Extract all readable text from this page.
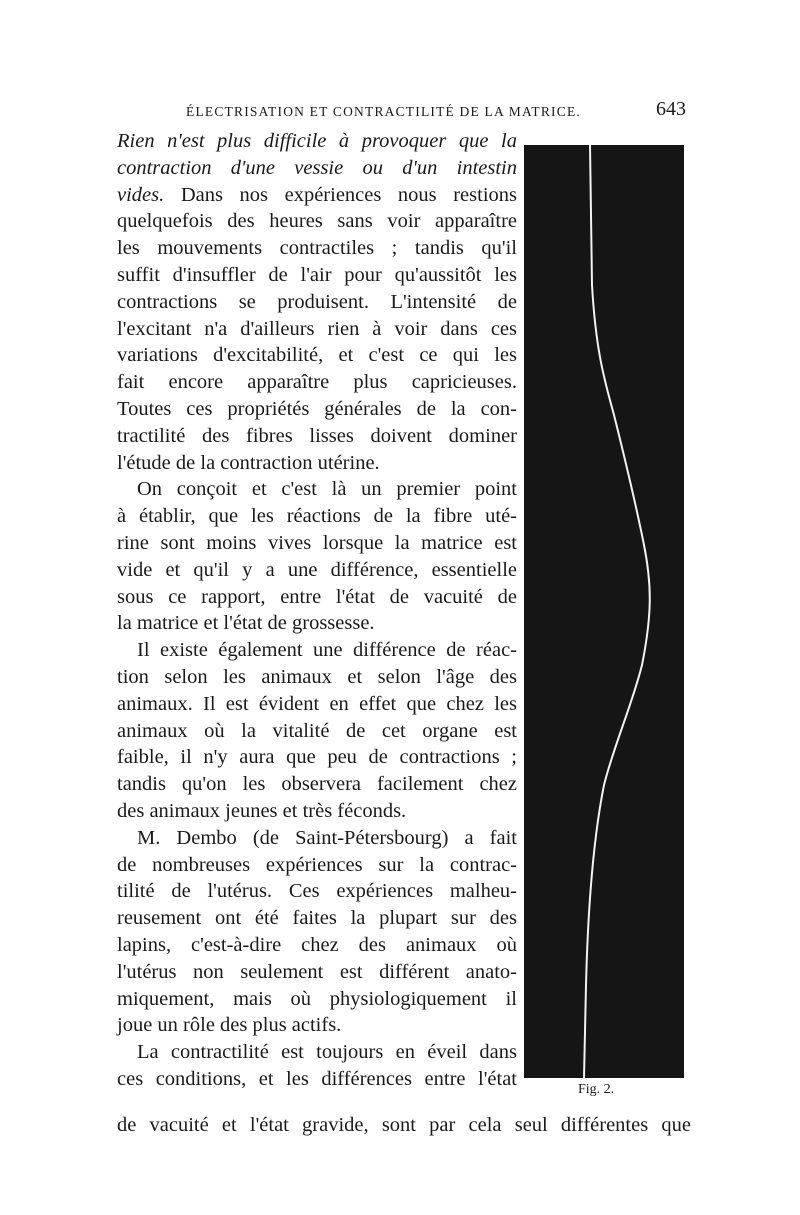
ÉLECTRISATION ET CONTRACTILITÉ DE LA MATRICE.	643
Rien n'est plus difficile à provoquer que la
contraction d'une vessie ou d'un intestin
vides. Dans nos expériences nous restions
quelquefois des heures sans voir apparaître
les mouvements contractiles ; tandis qu'il
suffit d'insuffler de l'air pour qu'aussitôt les
contractions se produisent. L'intensité de
l'excitant n'a d'ailleurs rien à voir dans ces
variations d'excitabilité, et c'est ce qui les
fait encore apparaître plus capricieuses.
Toutes ces propriétés générales de la con-
tractilité des fibres lisses doivent dominer
l'étude de la contraction utérine.
On conçoit et c'est là un premier point
à établir, que les réactions de la fibre uté-
rine sont moins vives lorsque la matrice est
vide et qu'il y a une différence, essentielle
sous ce rapport, entre l'état de vacuité de
la matrice et l'état de grossesse.
Il existe également une différence de réac-
tion selon les animaux et selon l'âge des
animaux. Il est évident en effet que chez les
animaux où la vitalité de cet organe est
faible, il n'y aura que peu de contractions ;
tandis qu'on les observera facilement chez
des animaux jeunes et très féconds.
M. Dembo (de Saint-Pétersbourg) a fait
de nombreuses expériences sur la contrac-
tilité de l'utérus. Ces expériences malheu-
reusement ont été faites la plupart sur des
lapins, c'est-à-dire chez des animaux où
l'utérus non seulement est différent anato-
miquement, mais où physiologiquement il
joue un rôle des plus actifs.
La contractilité est toujours en éveil dans
ces conditions, et les différences entre l'état
de vacuité et l'état gravide, sont par cela seul différentes que
Fig. 2.
